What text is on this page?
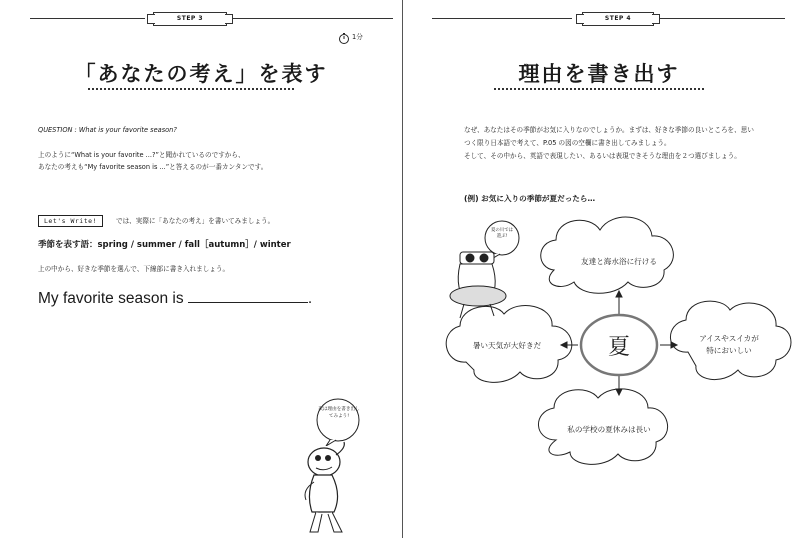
STEP 3
1分
「あなたの考え」を表す
QUESTION : What is your favorite season?
上のように“What is your favorite ...?”と聞かれているのですから、
あなたの考えも“My favorite season is ...”と答えるのが一番カンタンです。
Let's Write!	では、実際に「あなたの考え」を書いてみましょう。
季節を表す語：spring / summer / fall［autumn］/ winter
上の中から、好きな季節を選んで、下線部に書き入れましょう。
My favorite season is	.
次は理由を書き出してみよう!
STEP 4
理由を書き出す
なぜ、あなたはその季節がお気に入りなのでしょうか。まずは、好きな季節の良いところを、思い
つく限り日本語で考えて、P.05 の図の空欄に書き出してみましょう。
そして、その中から、英語で表現したい、あるいは表現できそうな理由を２つ選びましょう。
(例) お気に入りの季節が夏だったら…
夏の川では遊ぶ!
夏
友達と海水浴に行ける
暑い天気が大好きだ
アイスやスイカが
特においしい
私の学校の夏休みは長い
